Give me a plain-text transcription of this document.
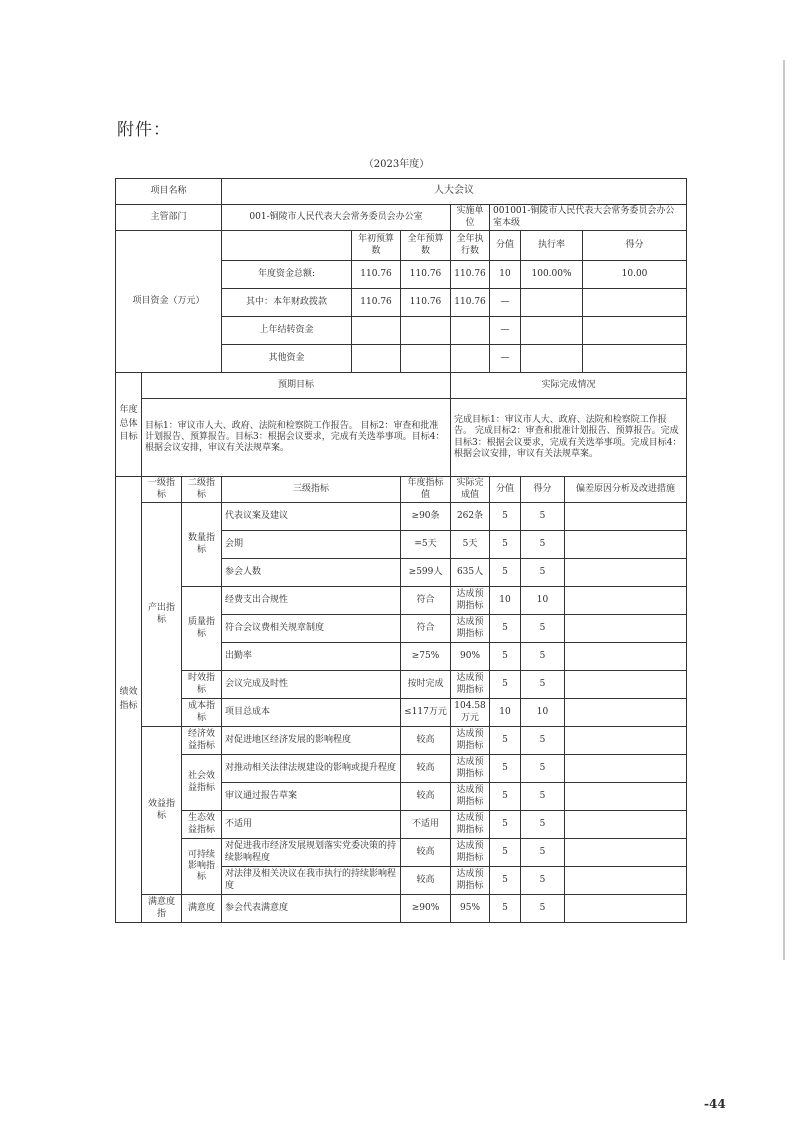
附件：
（2023年度）
项目名称			人大会议							
主管部门			001-铜陵市人民代表大会常务委员会办公室			实施单位	001001-铜陵市人民代表大会常务委员会办公室本级			
项目资金（万元）				年初预算数	全年预算数	全年执行数	分值	执行率		得分
			年度资金总额:	110.76	110.76	110.76	10	100.00%		10.00
			其中：本年财政拨款	110.76	110.76	110.76	—			
			上年结转资金				—			
			其他资金				—			
年度总体目标	预期目标					实际完成情况				
	目标1：审议市人大、政府、法院和检察院工作报告。 目标2：审查和批准计划报告、预算报告。目标3：根据会议要求，完成有关选举事项。目标4：根据会议安排，审议有关法规草案。					完成目标1：审议市人大、政府、法院和检察院工作报告。 完成目标2：审查和批准计划报告、预算报告。完成目标3：根据会议要求，完成有关选举事项。完成目标4：根据会议安排，审议有关法规草案。				
绩效指标	一级指标	二级指标	三级指标		年度指标值	实际完成值	分值	得分	偏差原因分析及改进措施	
	产出指标	数量指标	代表议案及建议		≥90条	262条	5	5		
			会期		=5天	5天	5	5		
			参会人数		≥599人	635人	5	5		
		质量指标	经费支出合规性		符合	达成预期指标	10	10		
			符合会议费相关规章制度		符合	达成预期指标	5	5		
			出勤率		≥75%	90%	5	5		
		时效指标	会议完成及时性		按时完成	达成预期指标	5	5		
		成本指标	项目总成本		≤117万元	104.58万元	10	10		
	效益指标	经济效益指标	对促进地区经济发展的影响程度		较高	达成预期指标	5	5		
		社会效益指标	对推动相关法律法规建设的影响或提升程度		较高	达成预期指标	5	5		
			审议通过报告草案		较高	达成预期指标	5	5		
		生态效益指标	不适用		不适用	达成预期指标	5	5		
		可持续影响指标	对促进我市经济发展规划落实党委决策的持续影响程度		较高	达成预期指标	5	5		
			对法律及相关决议在我市执行的持续影响程度		较高	达成预期指标	5	5		
	满意度指	满意度	参会代表满意度		≥90%	95%	5	5		
-44
